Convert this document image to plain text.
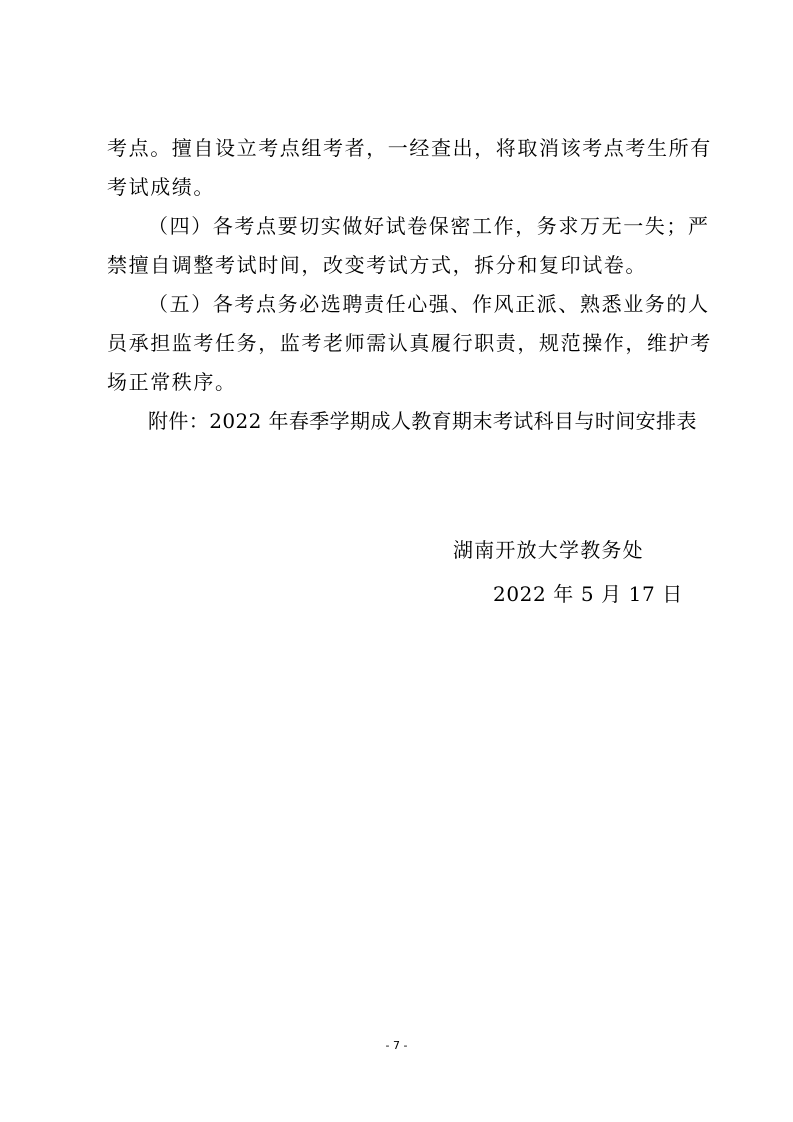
考点。擅自设立考点组考者，一经查出，将取消该考点考生所有
考试成绩。
（四）各考点要切实做好试卷保密工作，务求万无一失；严
禁擅自调整考试时间，改变考试方式，拆分和复印试卷。
（五）各考点务必选聘责任心强、作风正派、熟悉业务的人
员承担监考任务，监考老师需认真履行职责，规范操作，维护考
场正常秩序。
附件：2022 年春季学期成人教育期末考试科目与时间安排表
湖南开放大学教务处
2022 年 5 月 17 日
- 7 -
